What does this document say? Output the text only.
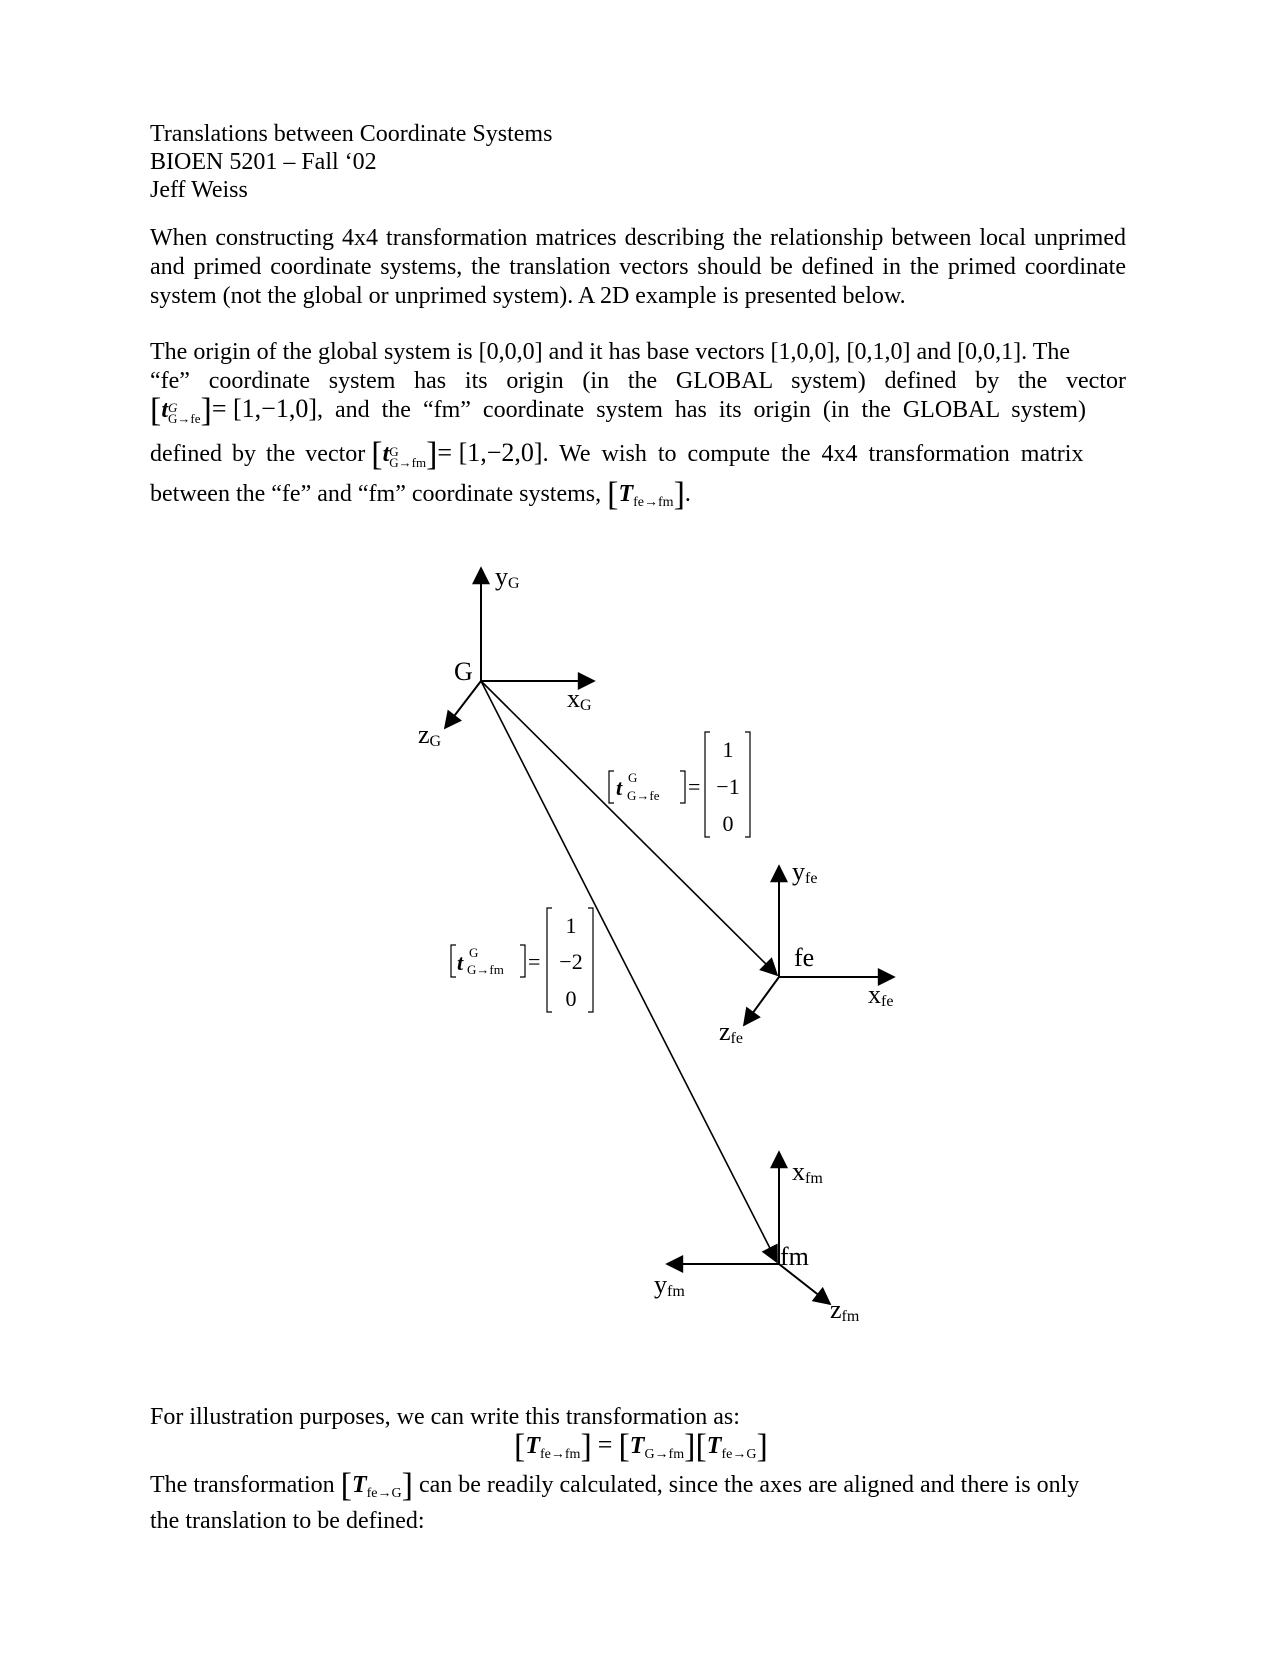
Translations between Coordinate Systems
BIOEN 5201 – Fall ‘02
Jeff Weiss

When constructing 4x4 transformation matrices describing the relationship between local unprimed and primed coordinate systems, the translation vectors should be defined in the primed coordinate system (not the global or unprimed system). A 2D example is presented below.

The origin of the global system is [0,0,0] and it has base vectors [1,0,0], [0,1,0] and [0,0,1]. The
“fe” coordinate system has its origin (in the GLOBAL system) defined by the vector
[t G
G→fe ]= [1,−1,0], and the “fm” coordinate system has its origin (in the GLOBAL system)
defined by the vector [t G
G→fm ]= [1,−2,0]. We wish to compute the 4x4 transformation matrix
between the “fe” and “fm” coordinate systems, $[T_{fe\to fm}]$.
G
yG
xG
zG
fe
yfe
xfe
zfe
fm
xfm
yfm
zfm
t G
G→fe =
1
−1
0
t G
G→fm =
1
−2
0
For illustration purposes, we can write this transformation as:
$[T_{fe\to fm}] = [T_{G\to fm}][T_{fe\to G}]$
The transformation $[T_{fe\to G}]$ can be readily calculated, since the axes are aligned and there is only
the translation to be defined:
